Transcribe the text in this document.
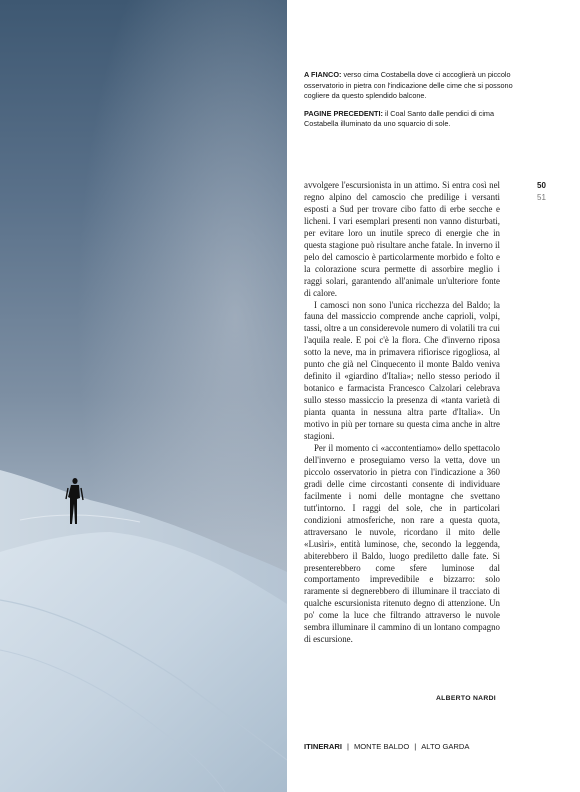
A FIANCO: verso cima Costabella dove ci accoglierà un piccolo osservatorio in pietra con l'indicazione delle cime che si possono cogliere da questo splendido balcone.

PAGINE PRECEDENTI: il Coal Santo dalle pendici di cima Costabella illuminato da uno squarcio di sole.

50
51

avvolgere l'escursionista in un attimo. Si entra così nel regno alpino del camoscio che predilige i versanti esposti a Sud per trovare cibo fatto di erbe secche e licheni. I vari esemplari presenti non vanno disturbati, per evitare loro un inutile spreco di energie che in questa stagione può risultare anche fatale. In inverno il pelo del camoscio è particolarmente morbido e folto e la colorazione scura permette di assorbire meglio i raggi solari, garantendo all'animale un'ulteriore fonte di calore.

I camosci non sono l'unica ricchezza del Baldo; la fauna del massiccio comprende anche caprioli, volpi, tassi, oltre a un considerevole numero di volatili tra cui l'aquila reale. E poi c'è la flora. Che d'inverno riposa sotto la neve, ma in primavera rifiorisce rigogliosa, al punto che già nel Cinquecento il monte Baldo veniva definito il «giardino d'Italia»; nello stesso periodo il botanico e farmacista Francesco Calzolari celebrava sullo stesso massiccio la presenza di «tanta varietà di pianta quanta in nessuna altra parte d'Italia». Un motivo in più per tornare su questa cima anche in altre stagioni.

Per il momento ci «accontentiamo» dello spettacolo dell'inverno e proseguiamo verso la vetta, dove un piccolo osservatorio in pietra con l'indicazione a 360 gradi delle cime circostanti consente di individuare facilmente i nomi delle montagne che svettano tutt'intorno. I raggi del sole, che in particolari condizioni atmosferiche, non rare a questa quota, attraversano le nuvole, ricordano il mito delle «Lusìri», entità luminose, che, secondo la leggenda, abiterebbero il Baldo, luogo prediletto dalle fate. Si presenterebbero come sfere luminose dal comportamento imprevedibile e bizzarro: solo raramente si degnerebbero di illuminare il tracciato di qualche escursionista ritenuto degno di attenzione. Un po' come la luce che filtrando attraverso le nuvole sembra illuminare il cammino di un lontano compagno di escursione.

ALBERTO NARDI
ITINERARI | MONTE BALDO | ALTO GARDA
